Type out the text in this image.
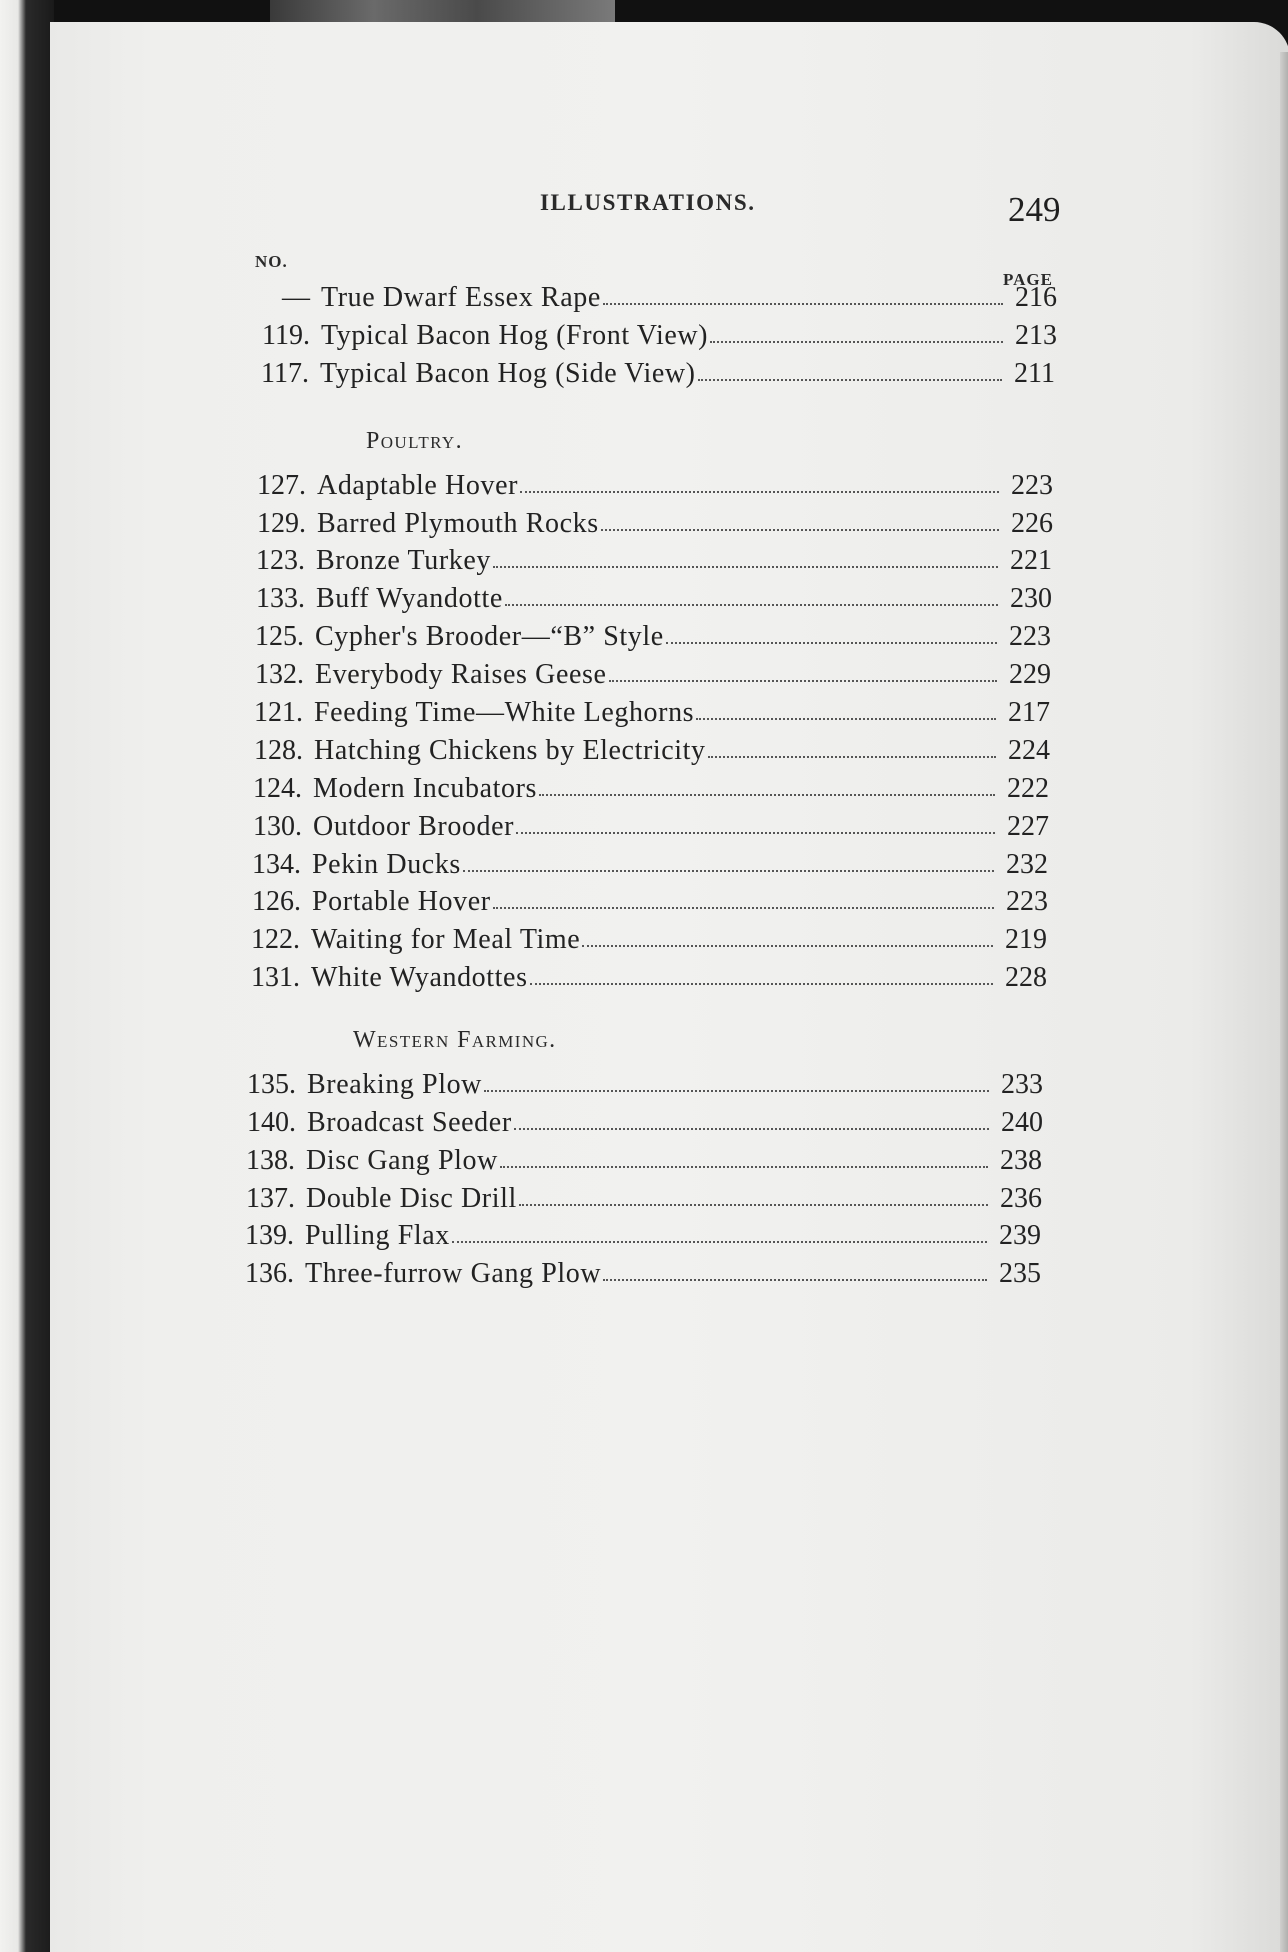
ILLUSTRATIONS.	249
NO.
PAGE
— True Dwarf Essex Rape	216
119. Typical Bacon Hog (Front View)	213
117. Typical Bacon Hog (Side View)	211
Poultry.
127. Adaptable Hover	223
129. Barred Plymouth Rocks	226
123. Bronze Turkey	221
133. Buff Wyandotte	230
125. Cypher's Brooder—“B” Style	223
132. Everybody Raises Geese	229
121. Feeding Time—White Leghorns	217
128. Hatching Chickens by Electricity	224
124. Modern Incubators	222
130. Outdoor Brooder	227
134. Pekin Ducks	232
126. Portable Hover	223
122. Waiting for Meal Time	219
131. White Wyandottes	228
Western Farming.
135. Breaking Plow	233
140. Broadcast Seeder	240
138. Disc Gang Plow	238
137. Double Disc Drill	236
139. Pulling Flax	239
136. Three-furrow Gang Plow	235
